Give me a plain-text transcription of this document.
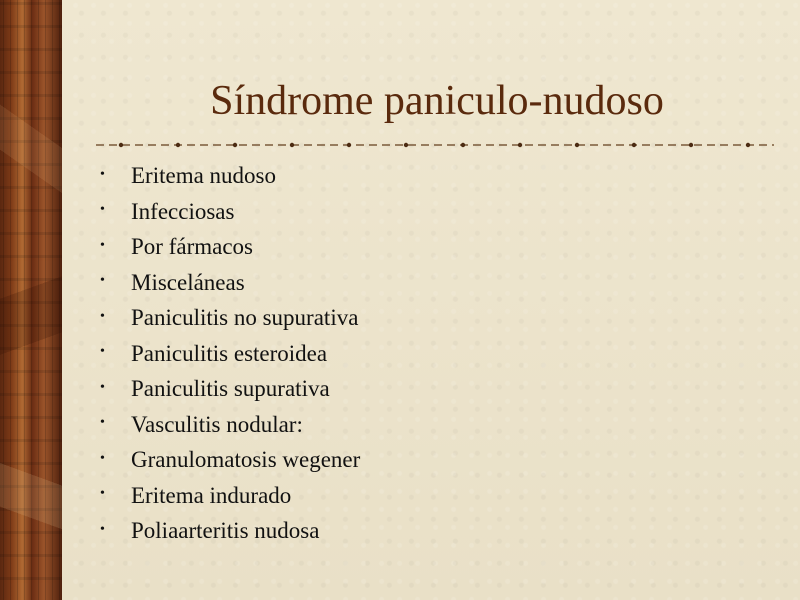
Síndrome paniculo-nudoso
•	Eritema nudoso
•	Infecciosas
•	Por fármacos
•	Misceláneas
•	Paniculitis no supurativa
•	Paniculitis esteroidea
•	Paniculitis supurativa
•	Vasculitis nodular:
•	Granulomatosis wegener
•	Eritema indurado
•	Poliaarteritis nudosa
